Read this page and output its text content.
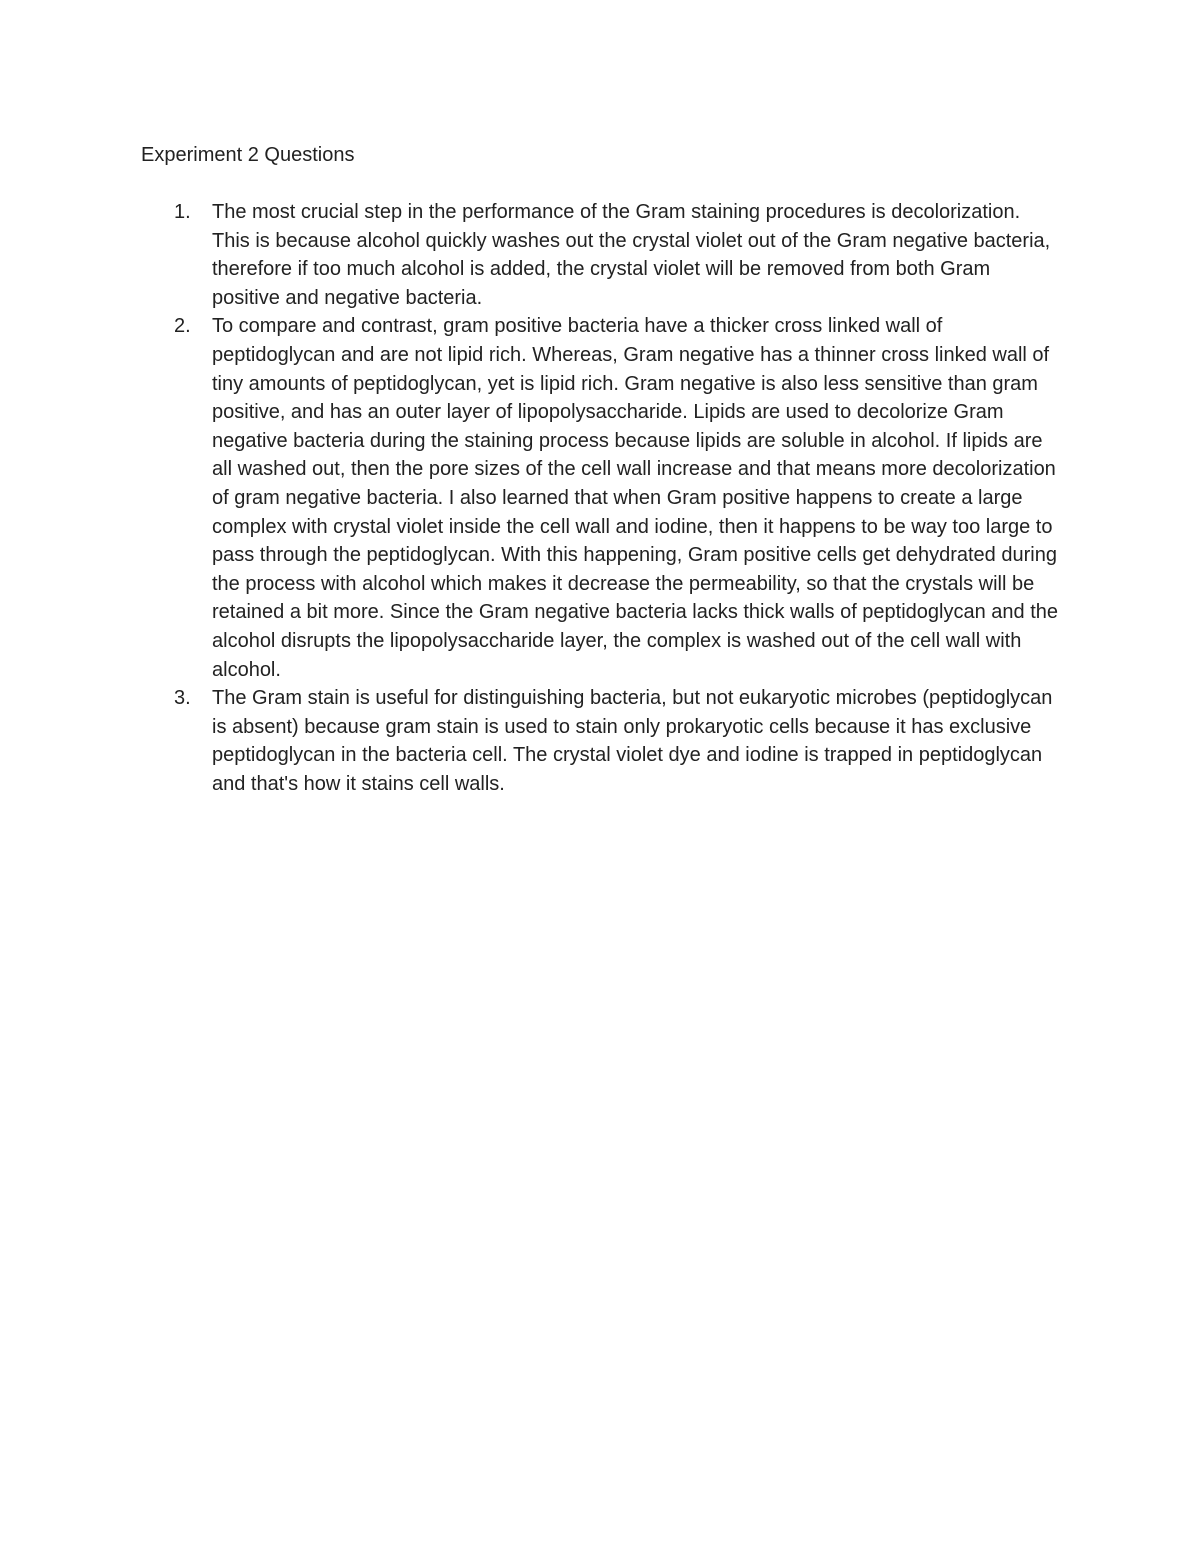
Experiment 2 Questions
1. The most crucial step in the performance of the Gram staining procedures is decolorization. This is because alcohol quickly washes out the crystal violet out of the Gram negative bacteria, therefore if too much alcohol is added, the crystal violet will be removed from both Gram positive and negative bacteria.
2. To compare and contrast, gram positive bacteria have a thicker cross linked wall of peptidoglycan and are not lipid rich. Whereas, Gram negative has a thinner cross linked wall of tiny amounts of peptidoglycan, yet is lipid rich. Gram negative is also less sensitive than gram positive, and has an outer layer of lipopolysaccharide. Lipids are used to decolorize Gram negative bacteria during the staining process because lipids are soluble in alcohol. If lipids are all washed out, then the pore sizes of the cell wall increase and that means more decolorization of gram negative bacteria. I also learned that when Gram positive happens to create a large complex with crystal violet inside the cell wall and iodine, then it happens to be way too large to pass through the peptidoglycan. With this happening, Gram positive cells get dehydrated during the process with alcohol which makes it decrease the permeability, so that the crystals will be retained a bit more. Since the Gram negative bacteria lacks thick walls of peptidoglycan and the alcohol disrupts the lipopolysaccharide layer, the complex is washed out of the cell wall with alcohol.
3. The Gram stain is useful for distinguishing bacteria, but not eukaryotic microbes (peptidoglycan is absent) because gram stain is used to stain only prokaryotic cells because it has exclusive peptidoglycan in the bacteria cell. The crystal violet dye and iodine is trapped in peptidoglycan and that's how it stains cell walls.
